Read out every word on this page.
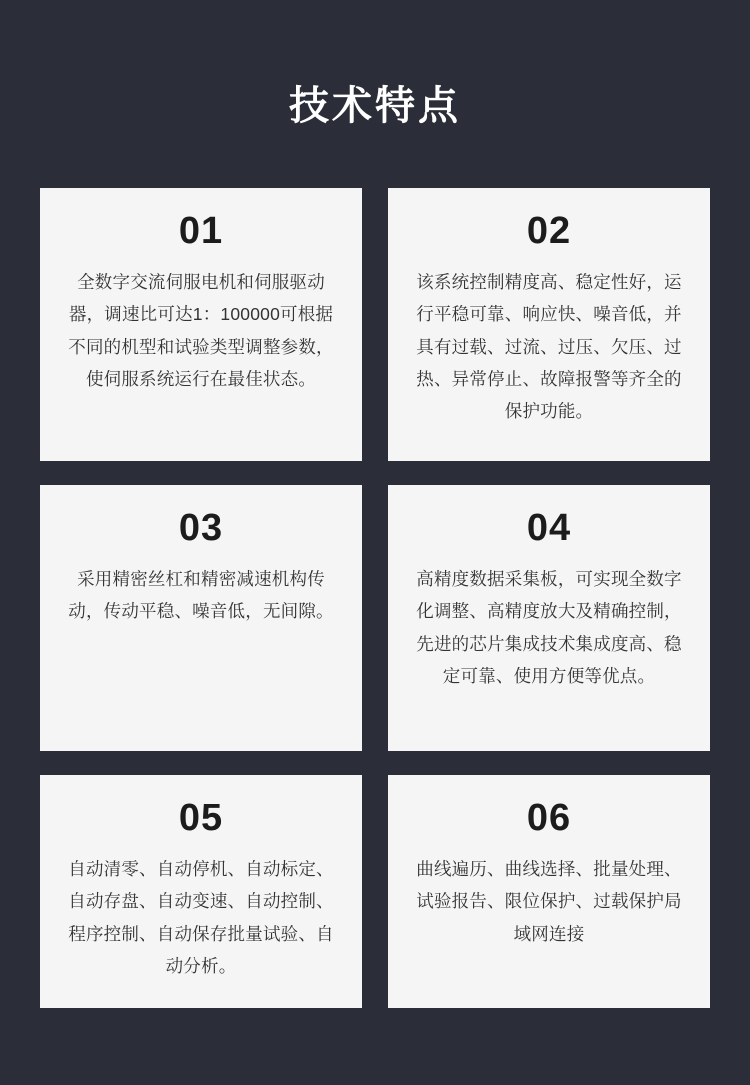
技术特点
01
全数字交流伺服电机和伺服驱动器，调速比可达1：100000可根据不同的机型和试验类型调整参数，使伺服系统运行在最佳状态。
02
该系统控制精度高、稳定性好，运行平稳可靠、响应快、噪音低，并具有过载、过流、过压、欠压、过热、异常停止、故障报警等齐全的保护功能。
03
采用精密丝杠和精密减速机构传动，传动平稳、噪音低，无间隙。
04
高精度数据采集板，可实现全数字化调整、高精度放大及精确控制，先进的芯片集成技术集成度高、稳定可靠、使用方便等优点。
05
自动清零、自动停机、自动标定、自动存盘、自动变速、自动控制、程序控制、自动保存批量试验、自动分析。
06
曲线遍历、曲线选择、批量处理、试验报告、限位保护、过载保护局域网连接
